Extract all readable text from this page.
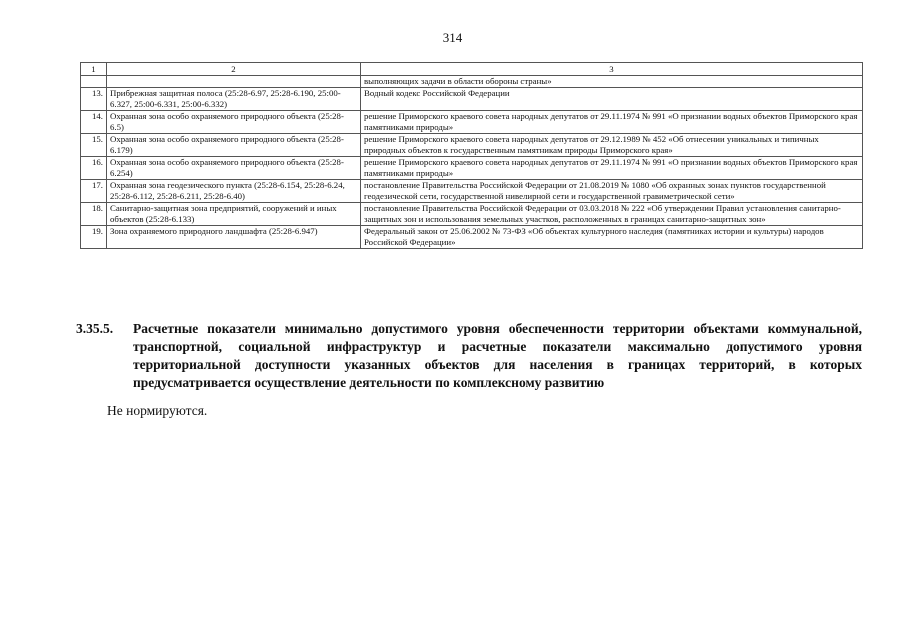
314
1	2	3
		выполняющих задачи в области обороны страны»
13.	Прибрежная защитная полоса (25:28-6.97, 25:28-6.190, 25:00-6.327, 25:00-6.331, 25:00-6.332)	Водный кодекс Российской Федерации
14.	Охранная зона особо охраняемого природного объекта (25:28-6.5)	решение Приморского краевого совета народных депутатов от 29.11.1974 № 991 «О признании водных объектов Приморского края памятниками природы»
15.	Охранная зона особо охраняемого природного объекта (25:28-6.179)	решение Приморского краевого совета народных депутатов от 29.12.1989 № 452 «Об отнесении уникальных и типичных природных объектов к государственным памятникам природы Приморского края»
16.	Охранная зона особо охраняемого природного объекта (25:28-6.254)	решение Приморского краевого совета народных депутатов от 29.11.1974 № 991 «О признании водных объектов Приморского края памятниками природы»
17.	Охранная зона геодезического пункта (25:28-6.154, 25:28-6.24, 25:28-6.112, 25:28-6.211, 25:28-6.40)	постановление Правительства Российской Федерации от 21.08.2019 № 1080 «Об охранных зонах пунктов государственной геодезической сети, государственной нивелирной сети и государственной гравиметрической сети»
18.	Санитарно-защитная зона предприятий, сооружений и иных объектов (25:28-6.133)	постановление Правительства Российской Федерации от 03.03.2018 № 222 «Об утверждении Правил установления санитарно-защитных зон и использования земельных участков, расположенных в границах санитарно-защитных зон»
19.	Зона охраняемого природного ландшафта (25:28-6.947)	Федеральный закон от 25.06.2002 № 73-ФЗ «Об объектах культурного наследия (памятниках истории и культуры) народов Российской Федерации»
3.35.5. Расчетные показатели минимально допустимого уровня обеспеченности территории объектами коммунальной, транспортной, социальной инфраструктур и расчетные показатели максимально допустимого уровня территориальной доступности указанных объектов для населения в границах территорий, в которых предусматривается осуществление деятельности по комплексному развитию
Не нормируются.
